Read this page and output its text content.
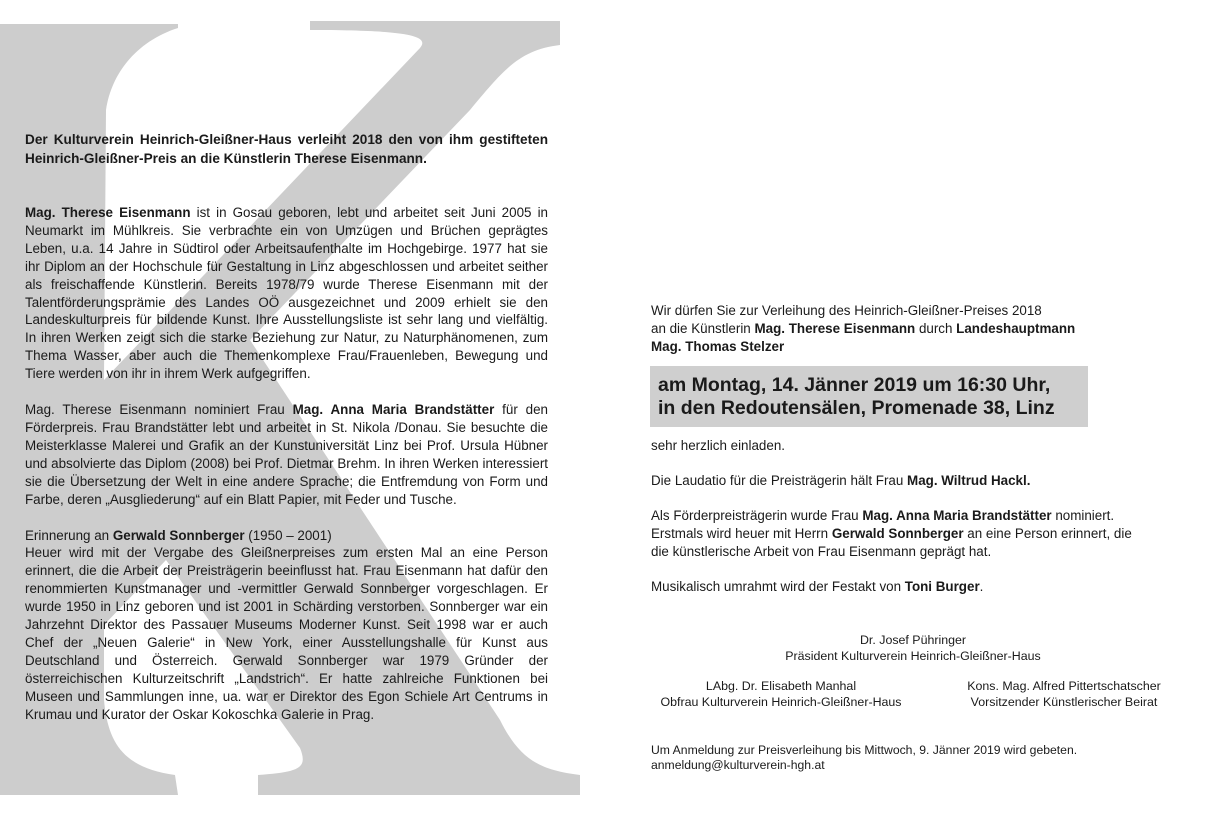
Der Kulturverein Heinrich-Gleißner-Haus verleiht 2018 den von ihm gestifteten Heinrich-Gleißner-Preis an die Künstlerin Therese Eisenmann.

Mag. Therese Eisenmann ist in Gosau geboren, lebt und arbeitet seit Juni 2005 in Neumarkt im Mühlkreis. Sie verbrachte ein von Umzügen und Brüchen geprägtes Leben, u.a. 14 Jahre in Südtirol oder Arbeitsaufenthalte im Hochgebirge. 1977 hat sie ihr Diplom an der Hochschule für Gestaltung in Linz abgeschlossen und arbeitet seither als freischaffende Künstlerin. Bereits 1978/79 wurde Therese Eisenmann mit der Talentförderungsprämie des Landes OÖ ausgezeichnet und 2009 erhielt sie den Landeskulturpreis für bildende Kunst. Ihre Ausstellungsliste ist sehr lang und vielfältig. In ihren Werken zeigt sich die starke Beziehung zur Natur, zu Naturphänomenen, zum Thema Wasser, aber auch die Themenkomplexe Frau/Frauenleben, Bewegung und Tiere werden von ihr in ihrem Werk aufgegriffen.

Mag. Therese Eisenmann nominiert Frau Mag. Anna Maria Brandstätter für den Förderpreis. Frau Brandstätter lebt und arbeitet in St. Nikola /Donau. Sie besuchte die Meisterklasse Malerei und Grafik an der Kunstuniversität Linz bei Prof. Ursula Hübner und absolvierte das Diplom (2008) bei Prof. Dietmar Brehm. In ihren Werken interessiert sie die Übersetzung der Welt in eine andere Sprache; die Entfremdung von Form und Farbe, deren „Ausgliederung“ auf ein Blatt Papier, mit Feder und Tusche.

Erinnerung an Gerwald Sonnberger (1950 – 2001)

Heuer wird mit der Vergabe des Gleißnerpreises zum ersten Mal an eine Person erinnert, die die Arbeit der Preisträgerin beeinflusst hat. Frau Eisenmann hat dafür den renommierten Kunstmanager und -vermittler Gerwald Sonnberger vorgeschlagen. Er wurde 1950 in Linz geboren und ist 2001 in Schärding verstorben. Sonnberger war ein Jahrzehnt Direktor des Passauer Museums Moderner Kunst. Seit 1998 war er auch Chef der „Neuen Galerie“ in New York, einer Ausstellungshalle für Kunst aus Deutschland und Österreich. Gerwald Sonnberger war 1979 Gründer der österreichischen Kulturzeitschrift „Landstrich“. Er hatte zahlreiche Funktionen bei Museen und Sammlungen inne, ua. war er Direktor des Egon Schiele Art Centrums in Krumau und Kurator der Oskar Kokoschka Galerie in Prag.

Wir dürfen Sie zur Verleihung des Heinrich-Gleißner-Preises 2018

an die Künstlerin Mag. Therese Eisenmann durch Landeshauptmann

Mag. Thomas Stelzer

am Montag, 14. Jänner 2019 um 16:30 Uhr,
in den Redoutensälen, Promenade 38, Linz

sehr herzlich einladen.

Die Laudatio für die Preisträgerin hält Frau Mag. Wiltrud Hackl.

Als Förderpreisträgerin wurde Frau Mag. Anna Maria Brandstätter nominiert. Erstmals wird heuer mit Herrn Gerwald Sonnberger an eine Person erinnert, die die künstlerische Arbeit von Frau Eisenmann geprägt hat.

Musikalisch umrahmt wird der Festakt von Toni Burger.

Dr. Josef Pühringer
Präsident Kulturverein Heinrich-Gleißner-Haus
LAbg. Dr. Elisabeth Manhal
Obfrau Kulturverein Heinrich-Gleißner-Haus
Kons. Mag. Alfred Pittertschatscher
Vorsitzender Künstlerischer Beirat
Um Anmeldung zur Preisverleihung bis Mittwoch, 9. Jänner 2019 wird gebeten.
anmeldung@kulturverein-hgh.at
